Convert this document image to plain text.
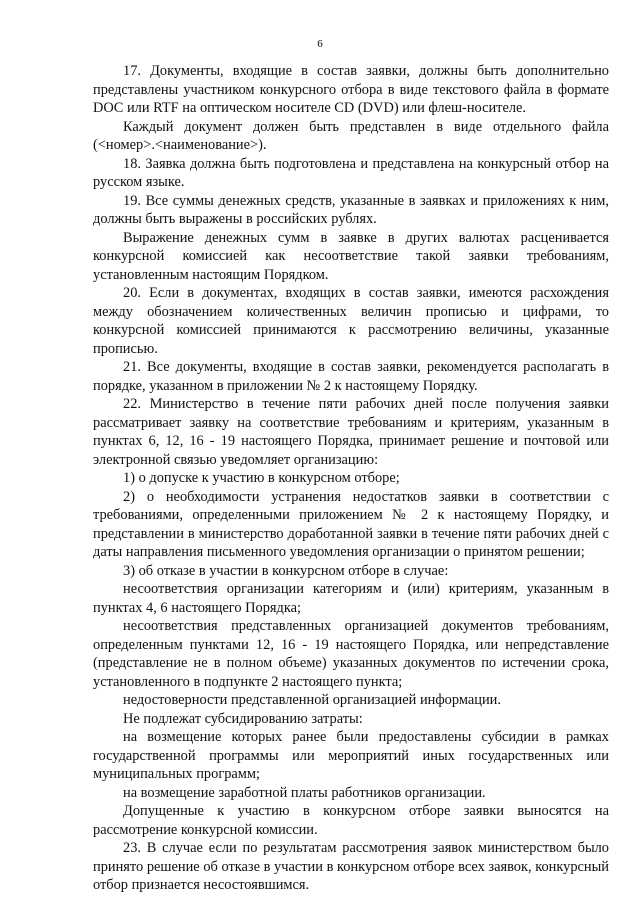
6

17. Документы, входящие в состав заявки, должны быть дополнительно представлены участником конкурсного отбора в виде текстового файла в формате DOC или RTF на оптическом носителе CD (DVD) или флеш-носителе.

Каждый документ должен быть представлен в виде отдельного файла (<номер>.<наименование>).

18. Заявка должна быть подготовлена и представлена на конкурсный отбор на русском языке.

19. Все суммы денежных средств, указанные в заявках и приложениях к ним, должны быть выражены в российских рублях.

Выражение денежных сумм в заявке в других валютах расценивается конкурсной комиссией как несоответствие такой заявки требованиям, установленным настоящим Порядком.

20. Если в документах, входящих в состав заявки, имеются расхождения между обозначением количественных величин прописью и цифрами, то конкурсной комиссией принимаются к рассмотрению величины, указанные прописью.

21. Все документы, входящие в состав заявки, рекомендуется располагать в порядке, указанном в приложении № 2 к настоящему Порядку.

22. Министерство в течение пяти рабочих дней после получения заявки рассматривает заявку на соответствие требованиям и критериям, указанным в пунктах 6, 12, 16 - 19 настоящего Порядка, принимает решение и почтовой или электронной связью уведомляет организацию:

1) о допуске к участию в конкурсном отборе;

2) о необходимости устранения недостатков заявки в соответствии с требованиями, определенными приложением № 2 к настоящему Порядку, и представлении в министерство доработанной заявки в течение пяти рабочих дней с даты направления письменного уведомления организации о принятом решении;

3) об отказе в участии в конкурсном отборе в случае:

несоответствия организации категориям и (или) критериям, указанным в пунктах 4, 6 настоящего Порядка;

несоответствия представленных организацией документов требованиям, определенным пунктами 12, 16 - 19 настоящего Порядка, или непредставление (представление не в полном объеме) указанных документов по истечении срока, установленного в подпункте 2 настоящего пункта;

недостоверности представленной организацией информации.

Не подлежат субсидированию затраты:

на возмещение которых ранее были предоставлены субсидии в рамках государственной программы или мероприятий иных государственных или муниципальных программ;

на возмещение заработной платы работников организации.

Допущенные к участию в конкурсном отборе заявки выносятся на рассмотрение конкурсной комиссии.

23. В случае если по результатам рассмотрения заявок министерством было принято решение об отказе в участии в конкурсном отборе всех заявок, конкурсный отбор признается несостоявшимся.
